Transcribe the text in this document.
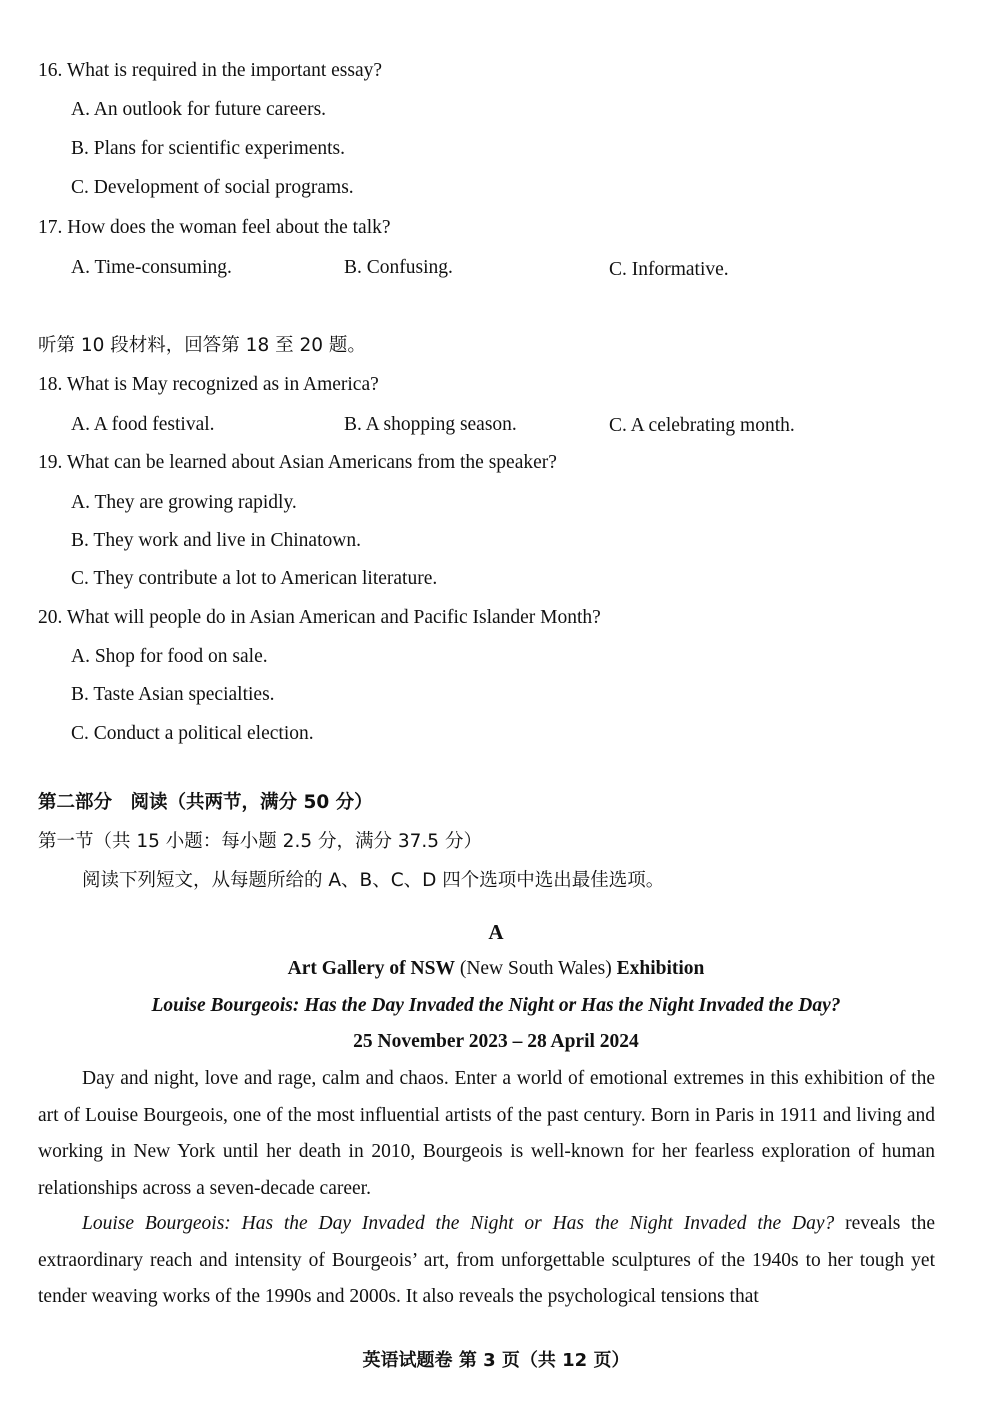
16. What is required in the important essay?
A. An outlook for future careers.
B. Plans for scientific experiments.
C. Development of social programs.
17. How does the woman feel about the talk?
A. Time-consuming.	B. Confusing.	C. Informative.
听第 10 段材料，回答第 18 至 20 题。
18. What is May recognized as in America?
A. A food festival.	B. A shopping season.	C. A celebrating month.
19. What can be learned about Asian Americans from the speaker?
A. They are growing rapidly.
B. They work and live in Chinatown.
C. They contribute a lot to American literature.
20. What will people do in Asian American and Pacific Islander Month?
A. Shop for food on sale.
B. Taste Asian specialties.
C. Conduct a political election.
第二部分　阅读（共两节，满分 50 分）
第一节（共 15 小题：每小题 2.5 分，满分 37.5 分）
阅读下列短文，从每题所给的 A、B、C、D 四个选项中选出最佳选项。
A
Art Gallery of NSW (New South Wales) Exhibition
Louise Bourgeois: Has the Day Invaded the Night or Has the Night Invaded the Day?
25 November 2023 – 28 April 2024
Day and night, love and rage, calm and chaos. Enter a world of emotional extremes in this exhibition of the art of Louise Bourgeois, one of the most influential artists of the past century. Born in Paris in 1911 and living and working in New York until her death in 2010, Bourgeois is well-known for her fearless exploration of human relationships across a seven-decade career.
Louise Bourgeois: Has the Day Invaded the Night or Has the Night Invaded the Day? reveals the extraordinary reach and intensity of Bourgeois’ art, from unforgettable sculptures of the 1940s to her tough yet tender weaving works of the 1990s and 2000s. It also reveals the psychological tensions that
英语试题卷 第 3 页（共 12 页）
